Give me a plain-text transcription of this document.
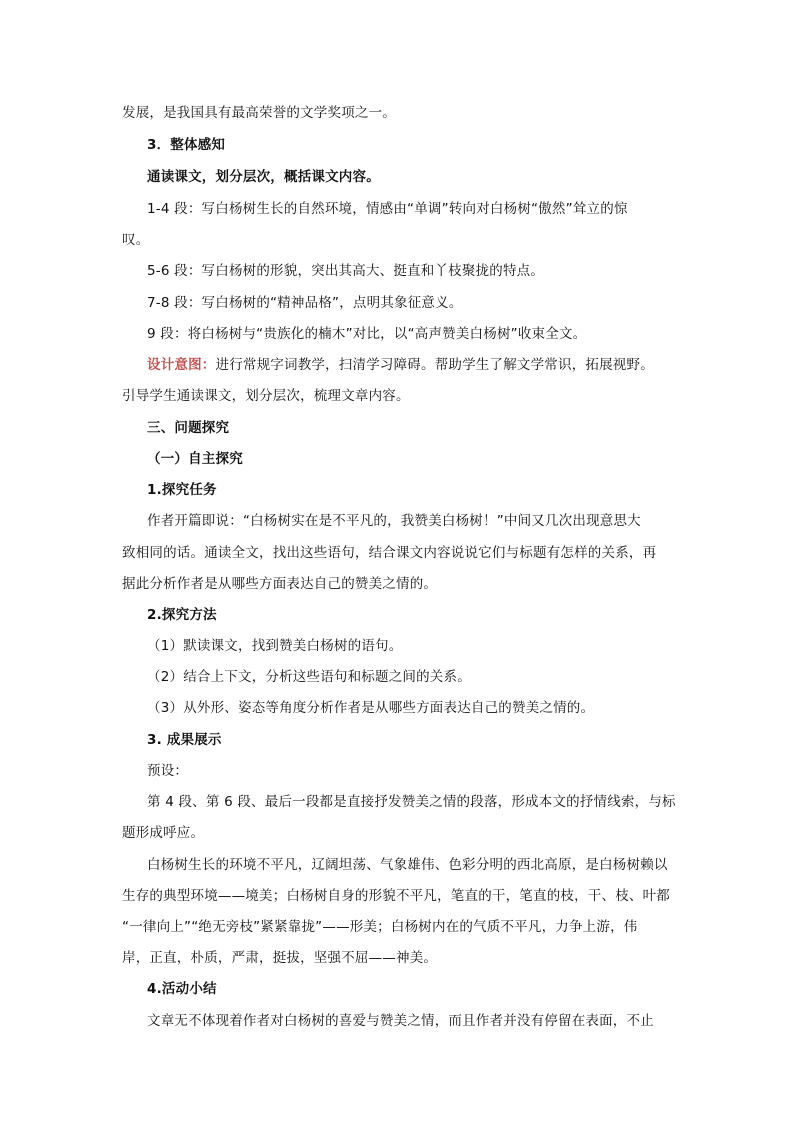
发展，是我国具有最高荣誉的文学奖项之一。
3．整体感知
通读课文，划分层次，概括课文内容。
1-4 段：写白杨树生长的自然环境，情感由“单调”转向对白杨树“傲然”耸立的惊
叹。
5-6 段：写白杨树的形貌，突出其高大、挺直和丫枝聚拢的特点。
7-8 段：写白杨树的“精神品格”，点明其象征意义。
9 段：将白杨树与“贵族化的楠木”对比，以“高声赞美白杨树”收束全文。
设计意图：进行常规字词教学，扫清学习障碍。帮助学生了解文学常识，拓展视野。
引导学生通读课文，划分层次，梳理文章内容。
三、问题探究
（一）自主探究
1.探究任务
作者开篇即说：“白杨树实在是不平凡的，我赞美白杨树！”中间又几次出现意思大
致相同的话。通读全文，找出这些语句，结合课文内容说说它们与标题有怎样的关系，再
据此分析作者是从哪些方面表达自己的赞美之情的。
2.探究方法
（1）默读课文，找到赞美白杨树的语句。
（2）结合上下文，分析这些语句和标题之间的关系。
（3）从外形、姿态等角度分析作者是从哪些方面表达自己的赞美之情的。
3. 成果展示
预设：
第 4 段、第 6 段、最后一段都是直接抒发赞美之情的段落，形成本文的抒情线索，与标
题形成呼应。
白杨树生长的环境不平凡，辽阔坦荡、气象雄伟、色彩分明的西北高原，是白杨树赖以
生存的典型环境——境美；白杨树自身的形貌不平凡，笔直的干，笔直的枝，干、枝、叶都
“一律向上”“绝无旁枝”紧紧靠拢”——形美；白杨树内在的气质不平凡，力争上游，伟
岸，正直，朴质，严肃，挺拔，坚强不屈——神美。
4.活动小结
文章无不体现着作者对白杨树的喜爱与赞美之情，而且作者并没有停留在表面，不止
